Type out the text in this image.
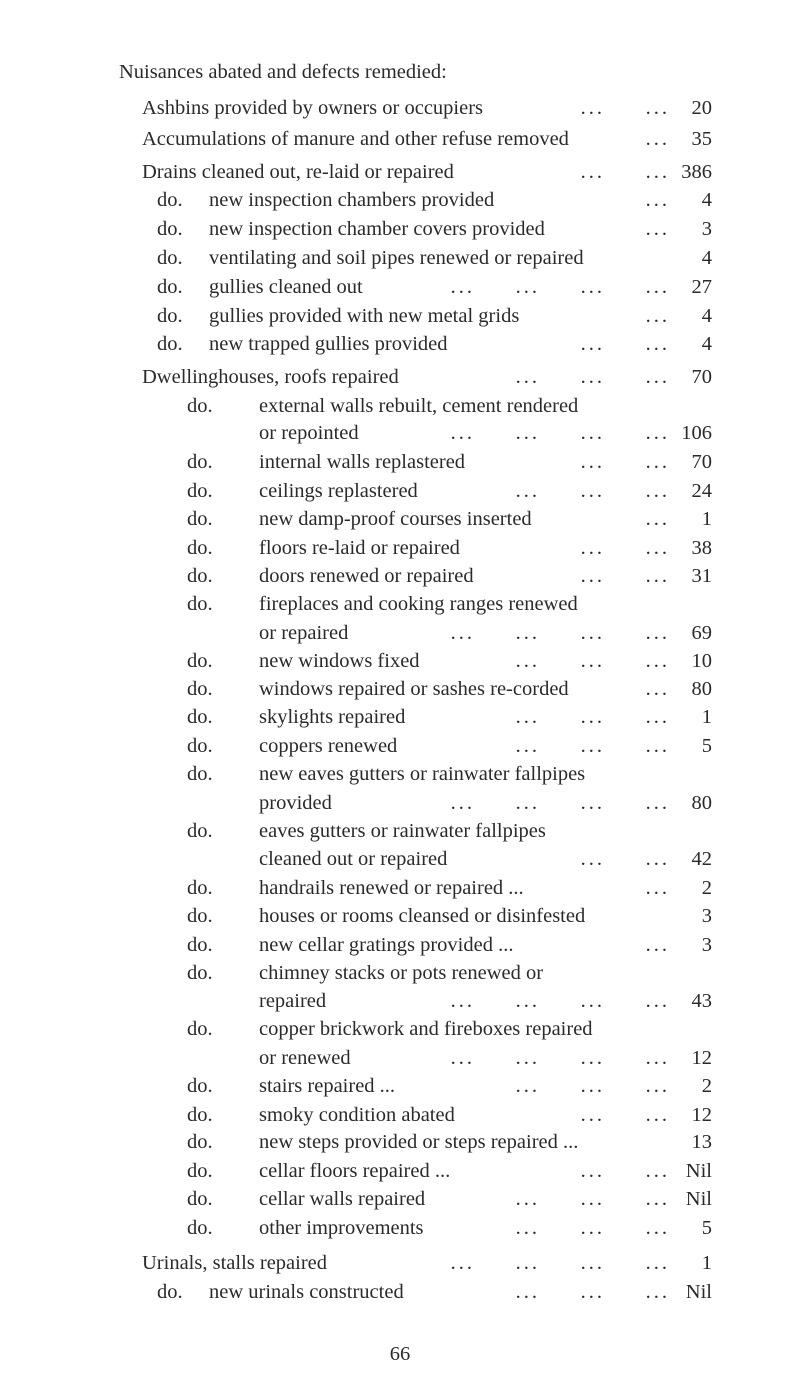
Nuisances abated and defects remedied:
Ashbins provided by owners or occupiers	...     ... 20
Accumulations of manure and other refuse removed	... 35
Drains cleaned out, re-laid or repaired	...     ... 386
do. new inspection chambers provided	... 4
do. new inspection chamber covers provided	... 3
do. ventilating and soil pipes renewed or repaired	4
do. gullies cleaned out	...     ...     ...     ... 27
do. gullies provided with new metal grids	... 4
do. new trapped gullies provided	...     ... 4
Dwellinghouses, roofs repaired	...     ...     ... 70
do. external walls rebuilt, cement rendered
or repointed	...     ...     ...     ... 106
do. internal walls replastered	...     ... 70
do. ceilings replastered	...     ...     ... 24
do. new damp-proof courses inserted	... 1
do. floors re-laid or repaired	...     ... 38
do. doors renewed or repaired	...     ... 31
do. fireplaces and cooking ranges renewed
or repaired	...     ...     ...     ... 69
do. new windows fixed	...     ...     ... 10
do. windows repaired or sashes re-corded	... 80
do. skylights repaired	...     ...     ... 1
do. coppers renewed	...     ...     ... 5
do. new eaves gutters or rainwater fallpipes
provided	...     ...     ...     ... 80
do. eaves gutters or rainwater fallpipes
cleaned out or repaired	...     ... 42
do. handrails renewed or repaired ...	... 2
do. houses or rooms cleansed or disinfested	3
do. new cellar gratings provided ...	... 3
do. chimney stacks or pots renewed or
repaired	...     ...     ...     ... 43
do. copper brickwork and fireboxes repaired
or renewed	...     ...     ...     ... 12
do. stairs repaired ...	...     ...     ... 2
do. smoky condition abated	...     ... 12
do. new steps provided or steps repaired ...	13
do. cellar floors repaired ...	...     ... Nil
do. cellar walls repaired	...     ...     ... Nil
do. other improvements	...     ...     ... 5
Urinals, stalls repaired	...     ...     ...     ... 1
do. new urinals constructed	...     ...     ... Nil
66
